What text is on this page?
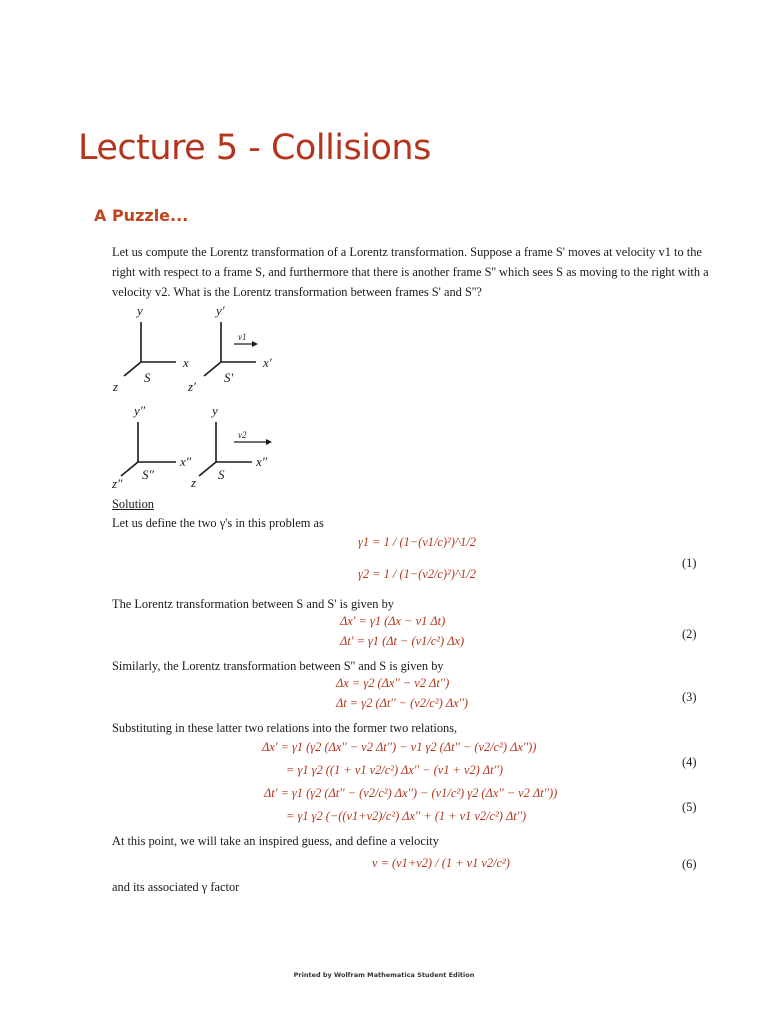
Lecture 5 - Collisions
A Puzzle...

Let us compute the Lorentz transformation of a Lorentz transformation. Suppose a frame S' moves at velocity v1 to the right with respect to a frame S, and furthermore that there is another frame S'' which sees S as moving to the right with a velocity v2. What is the Lorentz transformation between frames S' and S''?

y
x
z
S
y′
x′
z′
S′
v1
y″
x″
z″
S″
y
x″
z
S
v2

Solution

Let us define the two γ's in this problem as

γ1 = 1 / (1−(v1/c)²)^1/2
γ2 = 1 / (1−(v2/c)²)^1/2
(1)

The Lorentz transformation between S and S' is given by

Δx' = γ1 (Δx − v1 Δt)
Δt' = γ1 (Δt − (v1/c²) Δx)	(2)

Similarly, the Lorentz transformation between S'' and S is given by

Δx = γ2 (Δx'' − v2 Δt'')
Δt = γ2 (Δt'' − (v2/c²) Δx'')	(3)

Substituting in these latter two relations into the former two relations,

Δx' = γ1 (γ2 (Δx'' − v2 Δt'') − v1 γ2 (Δt'' − (v2/c²) Δx''))
= γ1 γ2 ((1 + v1 v2/c²) Δx'' − (v1 + v2) Δt'')
(4)
Δt' = γ1 (γ2 (Δt'' − (v2/c²) Δx'') − (v1/c²) γ2 (Δx'' − v2 Δt''))
= γ1 γ2 (−((v1+v2)/c²) Δx'' + (1 + v1 v2/c²) Δt'')
(5)

At this point, we will take an inspired guess, and define a velocity

v = (v1+v2) / (1 + v1 v2/c²)	(6)

and its associated γ factor

Printed by Wolfram Mathematica Student Edition
